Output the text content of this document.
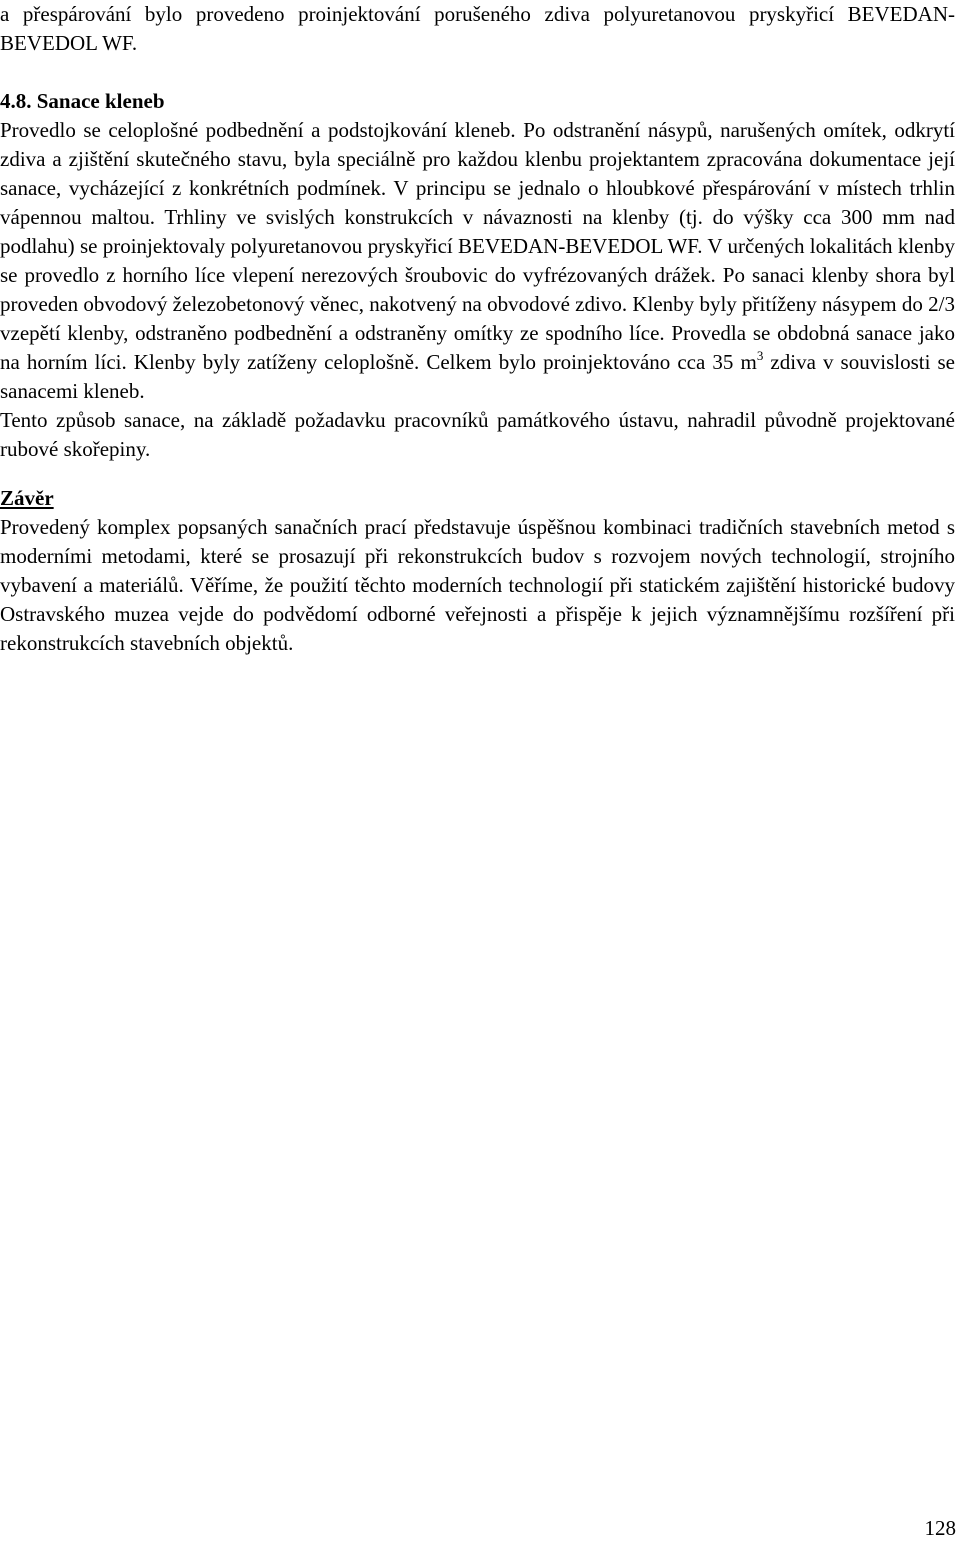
a přespárování bylo provedeno proinjektování porušeného zdiva polyuretanovou pryskyřicí BEVEDAN-BEVEDOL WF.

4.8. Sanace kleneb

Provedlo se celoplošné podbednění a podstojkování kleneb. Po odstranění násypů, narušených omítek, odkrytí zdiva a zjištění skutečného stavu, byla speciálně pro každou klenbu projektantem zpracována dokumentace její sanace, vycházející z konkrétních podmínek. V principu se jednalo o hloubkové přespárování v místech trhlin vápennou maltou. Trhliny ve svislých konstrukcích v návaznosti na klenby (tj. do výšky cca 300 mm nad podlahu) se proinjektovaly polyuretanovou pryskyřicí BEVEDAN-BEVEDOL WF. V určených lokalitách klenby se provedlo z horního líce vlepení nerezových šroubovic do vyfrézovaných drážek. Po sanaci klenby shora byl proveden obvodový železobetonový věnec, nakotvený na obvodové zdivo. Klenby byly přitíženy násypem do 2/3 vzepětí klenby, odstraněno podbednění a odstraněny omítky ze spodního líce. Provedla se obdobná sanace jako na horním líci. Klenby byly zatíženy celoplošně. Celkem bylo proinjektováno cca 35 $m^3$ zdiva v souvislosti se sanacemi kleneb.

Tento způsob sanace, na základě požadavku pracovníků památkového ústavu, nahradil původně projektované rubové skořepiny.

Závěr

Provedený komplex popsaných sanačních prací představuje úspěšnou kombinaci tradičních stavebních metod s moderními metodami, které se prosazují při rekonstrukcích budov s rozvojem nových technologií, strojního vybavení a materiálů. Věříme, že použití těchto moderních technologií při statickém zajištění historické budovy Ostravského muzea vejde do podvědomí odborné veřejnosti a přispěje k jejich významnějšímu rozšíření při rekonstrukcích stavebních objektů.

128
